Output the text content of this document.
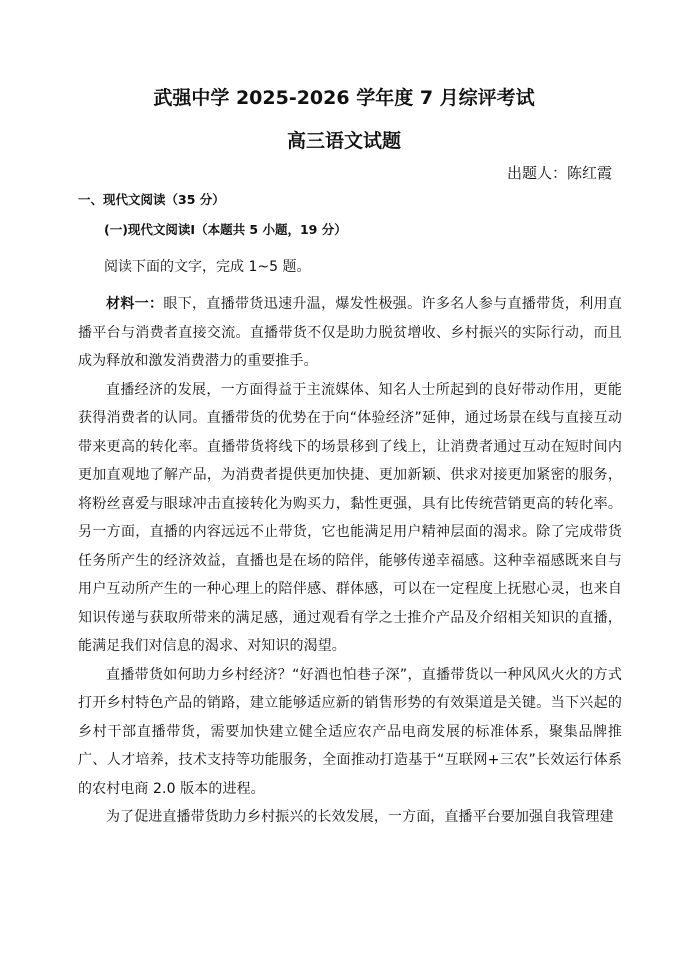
武强中学 2025-2026 学年度 7 月综评考试
高三语文试题
出题人：陈红霞
一、现代文阅读（35 分）
(一)现代文阅读Ⅰ（本题共 5 小题，19 分）
阅读下面的文字，完成 1~5 题。

材料一：眼下，直播带货迅速升温，爆发性极强。许多名人参与直播带货，利用直播平台与消费者直接交流。直播带货不仅是助力脱贫增收、乡村振兴的实际行动，而且成为释放和激发消费潜力的重要推手。

直播经济的发展，一方面得益于主流媒体、知名人士所起到的良好带动作用，更能获得消费者的认同。直播带货的优势在于向“体验经济”延伸，通过场景在线与直接互动带来更高的转化率。直播带货将线下的场景移到了线上，让消费者通过互动在短时间内更加直观地了解产品，为消费者提供更加快捷、更加新颖、供求对接更加紧密的服务，将粉丝喜爱与眼球冲击直接转化为购买力，黏性更强，具有比传统营销更高的转化率。另一方面，直播的内容远远不止带货，它也能满足用户精神层面的渴求。除了完成带货任务所产生的经济效益，直播也是在场的陪伴，能够传递幸福感。这种幸福感既来自与用户互动所产生的一种心理上的陪伴感、群体感，可以在一定程度上抚慰心灵，也来自知识传递与获取所带来的满足感，通过观看有学之士推介产品及介绍相关知识的直播，能满足我们对信息的渴求、对知识的渴望。

直播带货如何助力乡村经济？“好酒也怕巷子深”，直播带货以一种风风火火的方式打开乡村特色产品的销路，建立能够适应新的销售形势的有效渠道是关键。当下兴起的乡村干部直播带货，需要加快建立健全适应农产品电商发展的标准体系，聚集品牌推广、人才培养，技术支持等功能服务，全面推动打造基于“互联网+三农”长效运行体系的农村电商 2.0 版本的进程。

为了促进直播带货助力乡村振兴的长效发展，一方面，直播平台要加强自我管理建
